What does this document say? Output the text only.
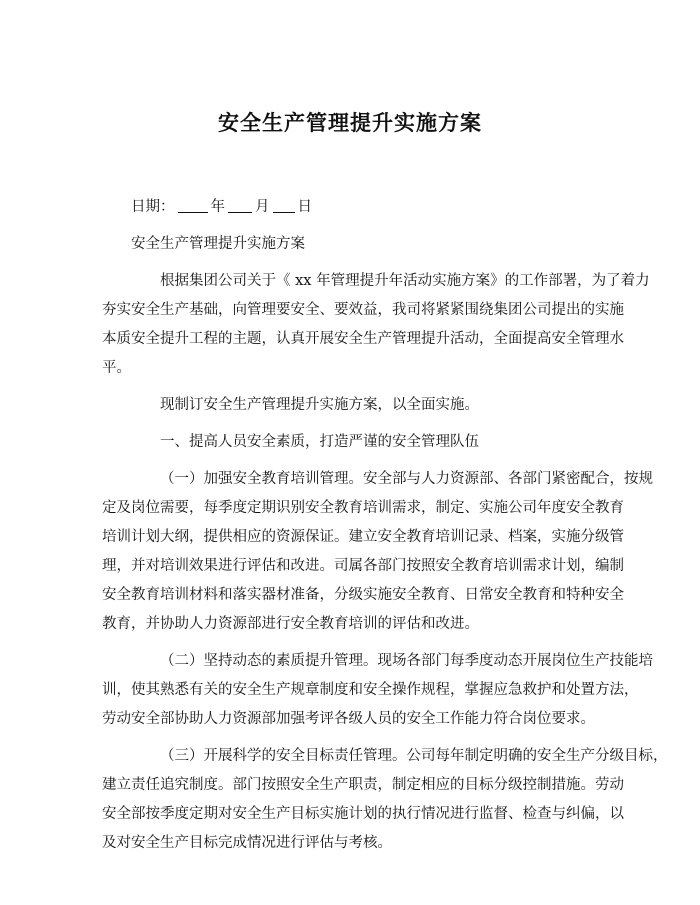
安全生产管理提升实施方案

日期： 年 月 日

安全生产管理提升实施方案

根据集团公司关于《 xx 年管理提升年活动实施方案》的工作部署，为了着力
夯实安全生产基础，向管理要安全、要效益，我司将紧紧围绕集团公司提出的实施
本质安全提升工程的主题，认真开展安全生产管理提升活动，全面提高安全管理水
平。
现制订安全生产管理提升实施方案，以全面实施。
一、提高人员安全素质，打造严谨的安全管理队伍
（一）加强安全教育培训管理。安全部与人力资源部、各部门紧密配合，按规
定及岗位需要，每季度定期识别安全教育培训需求，制定、实施公司年度安全教育
培训计划大纲，提供相应的资源保证。建立安全教育培训记录、档案，实施分级管
理，并对培训效果进行评估和改进。司属各部门按照安全教育培训需求计划，编制
安全教育培训材料和落实器材准备，分级实施安全教育、日常安全教育和特种安全
教育，并协助人力资源部进行安全教育培训的评估和改进。
（二）坚持动态的素质提升管理。现场各部门每季度动态开展岗位生产技能培
训，使其熟悉有关的安全生产规章制度和安全操作规程，掌握应急救护和处置方法，
劳动安全部协助人力资源部加强考评各级人员的安全工作能力符合岗位要求。
（三）开展科学的安全目标责任管理。公司每年制定明确的安全生产分级目标，
建立责任追究制度。部门按照安全生产职责，制定相应的目标分级控制措施。劳动
安全部按季度定期对安全生产目标实施计划的执行情况进行监督、检查与纠偏，以
及对安全生产目标完成情况进行评估与考核。
